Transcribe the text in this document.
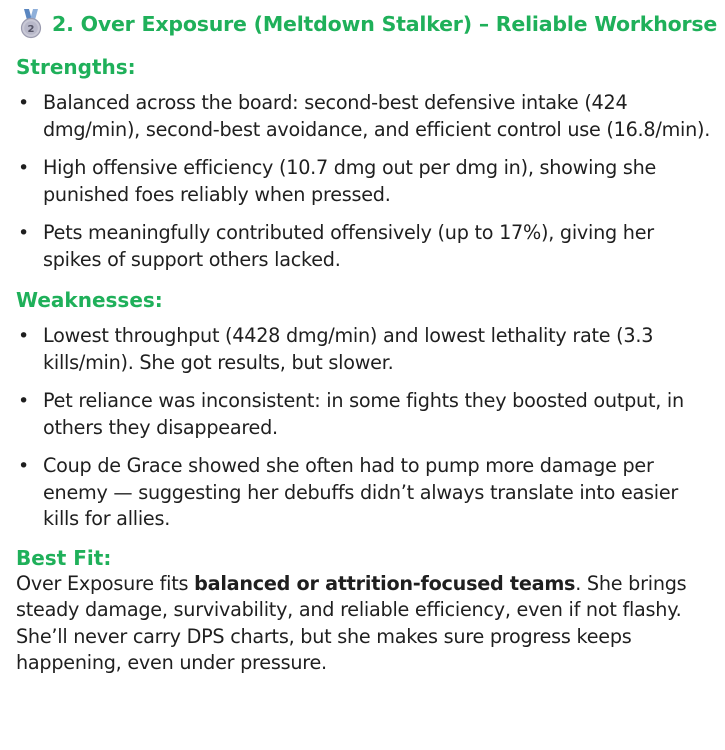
2 2. Over Exposure (Meltdown Stalker) – Reliable Workhorse
Strengths:
• Balanced across the board: second-best defensive intake (424 dmg/min), second-best avoidance, and efficient control use (16.8/min).
• High offensive efficiency (10.7 dmg out per dmg in), showing she punished foes reliably when pressed.
• Pets meaningfully contributed offensively (up to 17%), giving her spikes of support others lacked.
Weaknesses:
• Lowest throughput (4428 dmg/min) and lowest lethality rate (3.3 kills/min). She got results, but slower.
• Pet reliance was inconsistent: in some fights they boosted output, in others they disappeared.
• Coup de Grace showed she often had to pump more damage per enemy — suggesting her debuffs didn’t always translate into easier kills for allies.
Best Fit:

Over Exposure fits balanced or attrition-focused teams. She brings steady damage, survivability, and reliable efficiency, even if not flashy. She’ll never carry DPS charts, but she makes sure progress keeps happening, even under pressure.
